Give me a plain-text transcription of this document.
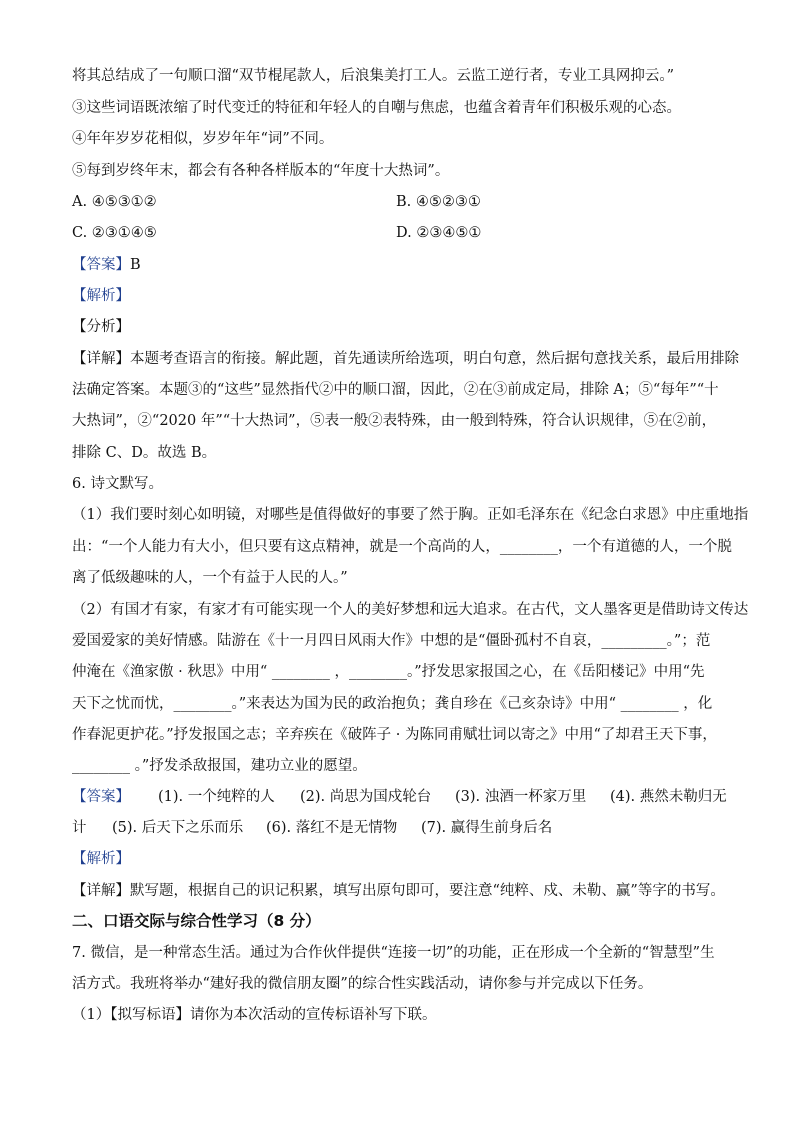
将其总结成了一句顺口溜“双节棍尾款人，后浪集美打工人。云监工逆行者，专业工具网抑云。”
③这些词语既浓缩了时代变迁的特征和年轻人的自嘲与焦虑，也蕴含着青年们积极乐观的心态。
④年年岁岁花相似，岁岁年年“词”不同。
⑤每到岁终年末，都会有各种各样版本的“年度十大热词”。
A. ④⑤③①②	B. ④⑤②③①
C. ②③①④⑤	D. ②③④⑤①
【答案】B
【解析】
【分析】
【详解】本题考查语言的衔接。解此题，首先通读所给选项，明白句意，然后据句意找关系，最后用排除
法确定答案。本题③的“这些”显然指代②中的顺口溜，因此，②在③前成定局，排除 A；⑤“每年”“十
大热词”，②“2020 年”“十大热词”，⑤表一般②表特殊，由一般到特殊，符合认识规律，⑤在②前，
排除 C、D。故选 B。
6. 诗文默写。
（1）我们要时刻心如明镜，对哪些是值得做好的事要了然于胸。正如毛泽东在《纪念白求恩》中庄重地指
出：“一个人能力有大小，但只要有这点精神，就是一个高尚的人，________，一个有道德的人，一个脱
离了低级趣味的人，一个有益于人民的人。”
（2）有国才有家，有家才有可能实现一个人的美好梦想和远大追求。在古代，文人墨客更是借助诗文传达
爱国爱家的美好情感。陆游在《十一月四日风雨大作》中想的是“僵卧孤村不自哀，_________。”；范
仲淹在《渔家傲 · 秋思》中用“ ________ ，________。”抒发思家报国之心，在《岳阳楼记》中用“先
天下之忧而忧，________。”来表达为国为民的政治抱负；龚自珍在《己亥杂诗》中用“ ________ ，化
作春泥更护花。”抒发报国之志；辛弃疾在《破阵子 · 为陈同甫赋壮词以寄之》中用“了却君王天下事，
________ 。”抒发杀敌报国，建功立业的愿望。
【答案】 (1). 一个纯粹的人 (2). 尚思为国戍轮台 (3). 浊酒一杯家万里 (4). 燕然未勒归无
计 (5). 后天下之乐而乐 (6). 落红不是无情物 (7). 赢得生前身后名
【解析】
【详解】默写题，根据自己的识记积累，填写出原句即可，要注意“纯粹、戍、未勒、赢”等字的书写。
二、口语交际与综合性学习（8 分）
7. 微信，是一种常态生活。通过为合作伙伴提供“连接一切”的功能，正在形成一个全新的“智慧型”生
活方式。我班将举办“建好我的微信朋友圈”的综合性实践活动，请你参与并完成以下任务。
（1）【拟写标语】请你为本次活动的宣传标语补写下联。
